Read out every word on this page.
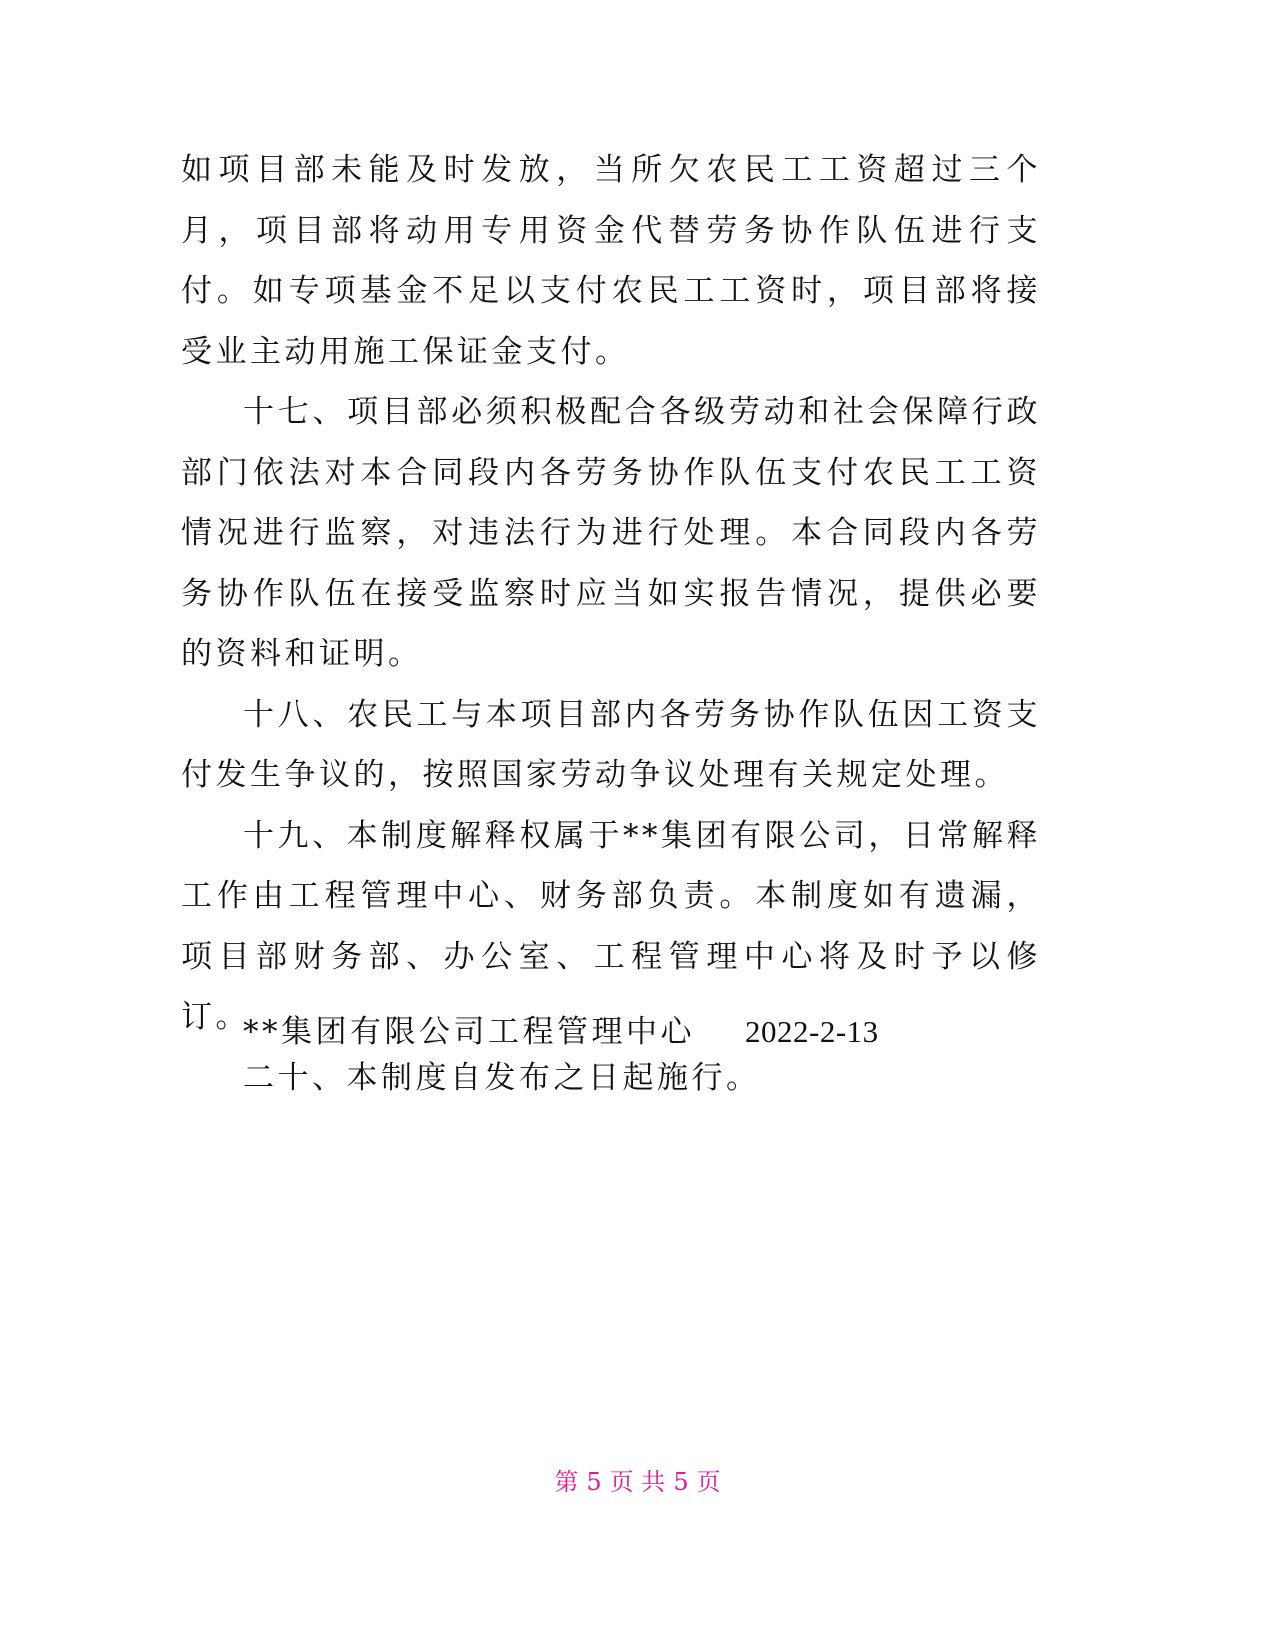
如项目部未能及时发放，当所欠农民工工资超过三个月，项目部将动用专用资金代替劳务协作队伍进行支付。如专项基金不足以支付农民工工资时，项目部将接受业主动用施工保证金支付。

十七、项目部必须积极配合各级劳动和社会保障行政部门依法对本合同段内各劳务协作队伍支付农民工工资情况进行监察，对违法行为进行处理。本合同段内各劳务协作队伍在接受监察时应当如实报告情况，提供必要的资料和证明。

十八、农民工与本项目部内各劳务协作队伍因工资支付发生争议的，按照国家劳动争议处理有关规定处理。

十九、本制度解释权属于**集团有限公司，日常解释工作由工程管理中心、财务部负责。本制度如有遗漏，项目部财务部、办公室、工程管理中心将及时予以修订。

二十、本制度自发布之日起施行。

**集团有限公司工程管理中心 2022-2-13
第 5 页 共 5 页
